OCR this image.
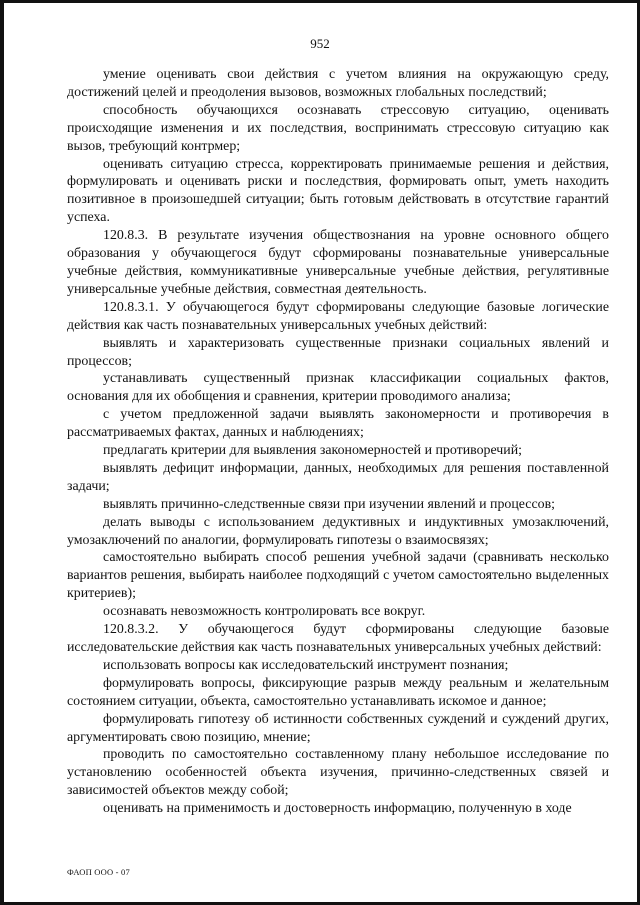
952

умение оценивать свои действия с учетом влияния на окружающую среду, достижений целей и преодоления вызовов, возможных глобальных последствий;

способность обучающихся осознавать стрессовую ситуацию, оценивать происходящие изменения и их последствия, воспринимать стрессовую ситуацию как вызов, требующий контрмер;

оценивать ситуацию стресса, корректировать принимаемые решения и действия, формулировать и оценивать риски и последствия, формировать опыт, уметь находить позитивное в произошедшей ситуации; быть готовым действовать в отсутствие гарантий успеха.

120.8.3. В результате изучения обществознания на уровне основного общего образования у обучающегося будут сформированы познавательные универсальные учебные действия, коммуникативные универсальные учебные действия, регулятивные универсальные учебные действия, совместная деятельность.

120.8.3.1. У обучающегося будут сформированы следующие базовые логические действия как часть познавательных универсальных учебных действий:

выявлять и характеризовать существенные признаки социальных явлений и процессов;

устанавливать существенный признак классификации социальных фактов, основания для их обобщения и сравнения, критерии проводимого анализа;

с учетом предложенной задачи выявлять закономерности и противоречия в рассматриваемых фактах, данных и наблюдениях;

предлагать критерии для выявления закономерностей и противоречий;

выявлять дефицит информации, данных, необходимых для решения поставленной задачи;

выявлять причинно-следственные связи при изучении явлений и процессов;

делать выводы с использованием дедуктивных и индуктивных умозаключений, умозаключений по аналогии, формулировать гипотезы о взаимосвязях;

самостоятельно выбирать способ решения учебной задачи (сравнивать несколько вариантов решения, выбирать наиболее подходящий с учетом самостоятельно выделенных критериев);

осознавать невозможность контролировать все вокруг.

120.8.3.2. У обучающегося будут сформированы следующие базовые исследовательские действия как часть познавательных универсальных учебных действий:

использовать вопросы как исследовательский инструмент познания;

формулировать вопросы, фиксирующие разрыв между реальным и желательным состоянием ситуации, объекта, самостоятельно устанавливать искомое и данное;

формулировать гипотезу об истинности собственных суждений и суждений других, аргументировать свою позицию, мнение;

проводить по самостоятельно составленному плану небольшое исследование по установлению особенностей объекта изучения, причинно-следственных связей и зависимостей объектов между собой;

оценивать на применимость и достоверность информацию, полученную в ходе

ФАОП ООО - 07
